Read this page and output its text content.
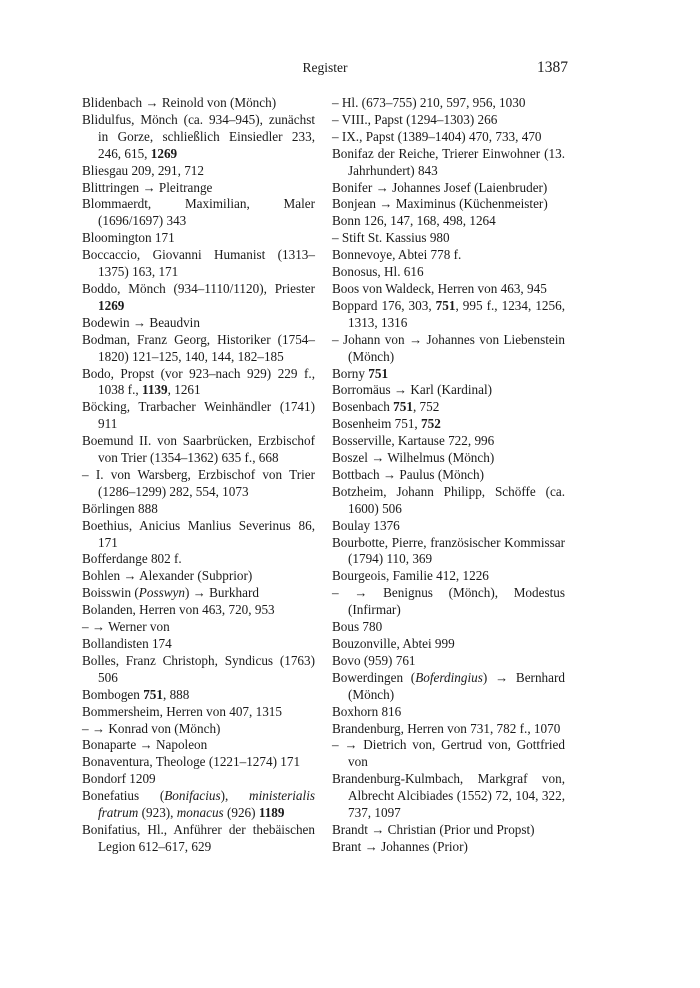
Register	1387
Blidenbach → Reinold von (Mönch)
Blidulfus, Mönch (ca. 934–945), zunächst in Gorze, schließlich Einsiedler 233, 246, 615, 1269
Bliesgau 209, 291, 712
Blittringen → Pleitrange
Blommaerdt, Maximilian, Maler (1696/1697) 343
Bloomington 171
Boccaccio, Giovanni Humanist (1313–1375) 163, 171
Boddo, Mönch (934–1110/1120), Priester 1269
Bodewin → Beaudvin
Bodman, Franz Georg, Historiker (1754–1820) 121–125, 140, 144, 182–185
Bodo, Propst (vor 923–nach 929) 229 f., 1038 f., 1139, 1261
Böcking, Trarbacher Weinhändler (1741) 911
Boemund II. von Saarbrücken, Erzbischof von Trier (1354–1362) 635 f., 668
– I. von Warsberg, Erzbischof von Trier (1286–1299) 282, 554, 1073
Börlingen 888
Boethius, Anicius Manlius Severinus 86, 171
Bofferdange 802 f.
Bohlen → Alexander (Subprior)
Boisswin (Posswyn) → Burkhard
Bolanden, Herren von 463, 720, 953
– → Werner von
Bollandisten 174
Bolles, Franz Christoph, Syndicus (1763) 506
Bombogen 751, 888
Bommersheim, Herren von 407, 1315
– → Konrad von (Mönch)
Bonaparte → Napoleon
Bonaventura, Theologe (1221–1274) 171
Bondorf 1209
Bonefatius (Bonifacius), ministerialis fratrum (923), monacus (926) 1189
Bonifatius, Hl., Anführer der thebäischen Legion 612–617, 629
– Hl. (673–755) 210, 597, 956, 1030
– VIII., Papst (1294–1303) 266
– IX., Papst (1389–1404) 470, 733, 470
Bonifaz der Reiche, Trierer Einwohner (13. Jahrhundert) 843
Bonifer → Johannes Josef (Laienbruder)
Bonjean → Maximinus (Küchenmeister)
Bonn 126, 147, 168, 498, 1264
– Stift St. Kassius 980
Bonnevoye, Abtei 778 f.
Bonosus, Hl. 616
Boos von Waldeck, Herren von 463, 945
Boppard 176, 303, 751, 995 f., 1234, 1256, 1313, 1316
– Johann von → Johannes von Liebenstein (Mönch)
Borny 751
Borromäus → Karl (Kardinal)
Bosenbach 751, 752
Bosenheim 751, 752
Bosserville, Kartause 722, 996
Boszel → Wilhelmus (Mönch)
Bottbach → Paulus (Mönch)
Botzheim, Johann Philipp, Schöffe (ca. 1600) 506
Boulay 1376
Bourbotte, Pierre, französischer Kommissar (1794) 110, 369
Bourgeois, Familie 412, 1226
– → Benignus (Mönch), Modestus (Infirmar)
Bous 780
Bouzonville, Abtei 999
Bovo (959) 761
Bowerdingen (Boferdingius) → Bernhard (Mönch)
Boxhorn 816
Brandenburg, Herren von 731, 782 f., 1070
– → Dietrich von, Gertrud von, Gottfried von
Brandenburg-Kulmbach, Markgraf von, Albrecht Alcibiades (1552) 72, 104, 322, 737, 1097
Brandt → Christian (Prior und Propst)
Brant → Johannes (Prior)
